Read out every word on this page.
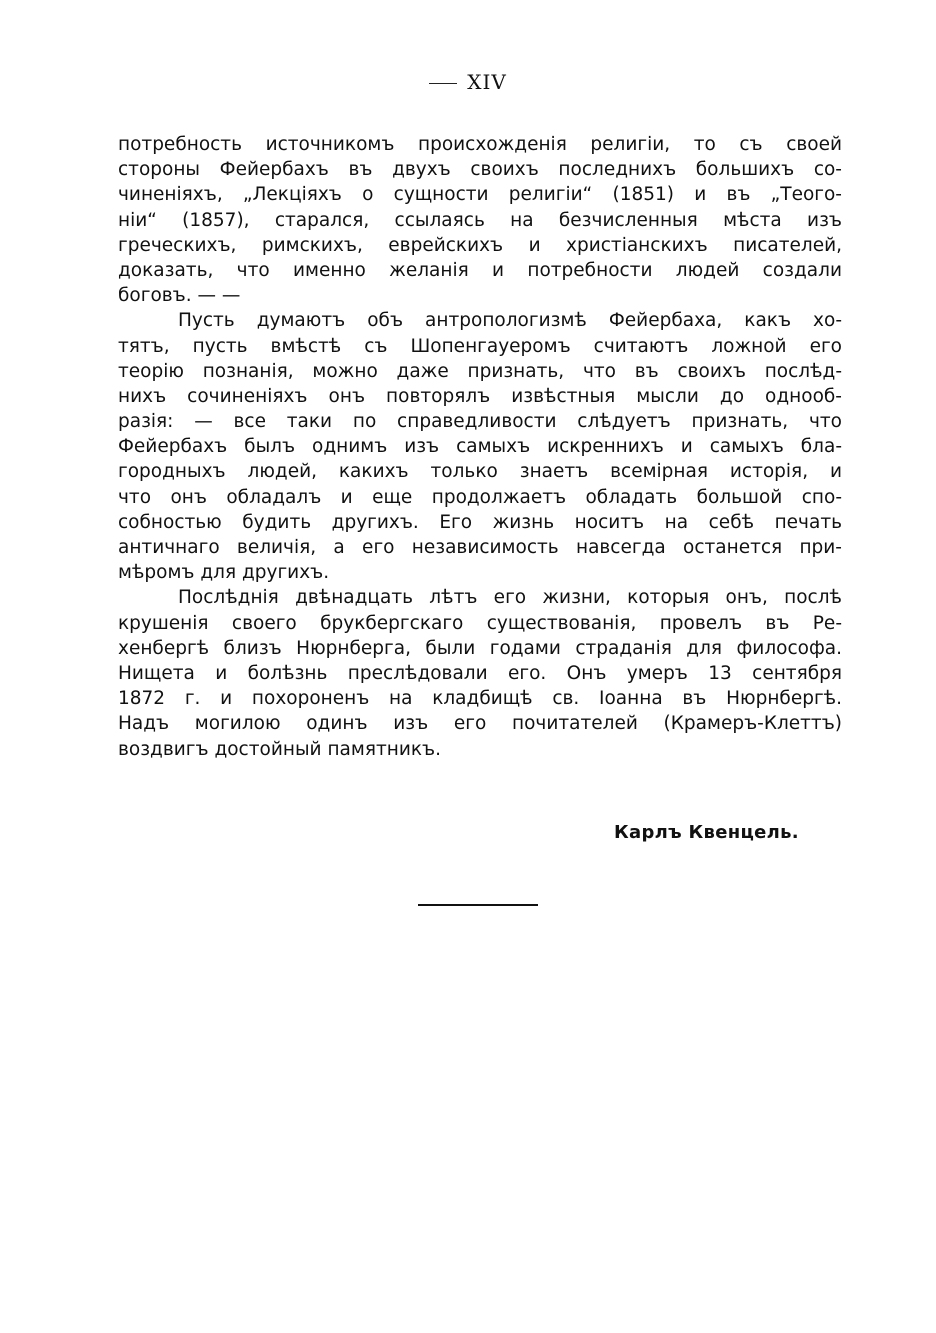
XIV
потребность источникомъ происхожденія религіи, то съ своей
стороны Фейербахъ въ двухъ своихъ последнихъ большихъ со-
чиненіяхъ, „Лекціяхъ о сущности религіи“ (1851) и въ „Теого-
ніи“ (1857), старался, ссылаясь на безчисленныя мѣста изъ
греческихъ, римскихъ, еврейскихъ и христіанскихъ писателей,
доказать, что именно желанія и потребности людей создали
боговъ. — —
Пусть думаютъ объ антропологизмѣ Фейербаха, какъ хо-
тятъ, пусть вмѣстѣ съ Шопенгауеромъ считаютъ ложной его
теорію познанія, можно даже признать, что въ своихъ послѣд-
нихъ сочиненіяхъ онъ повторялъ извѣстныя мысли до однооб-
разія: — все таки по справедливости слѣдуетъ признать, что
Фейербахъ былъ однимъ изъ самыхъ искреннихъ и самыхъ бла-
городныхъ людей, какихъ только знаетъ всемірная исторія, и
что онъ обладалъ и еще продолжаетъ обладать большой спо-
собностью будить другихъ. Его жизнь носитъ на себѣ печать
античнаго величія, а его независимость навсегда останется при-
мѣромъ для другихъ.
Послѣднія двѣнадцать лѣтъ его жизни, которыя онъ, послѣ
крушенія своего брукбергскаго существованія, провелъ въ Ре-
хенбергѣ близъ Нюрнберга, были годами страданія для философа.
Нищета и болѣзнь преслѣдовали его. Онъ умеръ 13 сентября
1872 г. и похороненъ на кладбищѣ св. Іоанна въ Нюрнбергѣ.
Надъ могилою одинъ изъ его почитателей (Крамеръ-Клеттъ)
воздвигъ достойный памятникъ.
Карлъ Квенцель.
